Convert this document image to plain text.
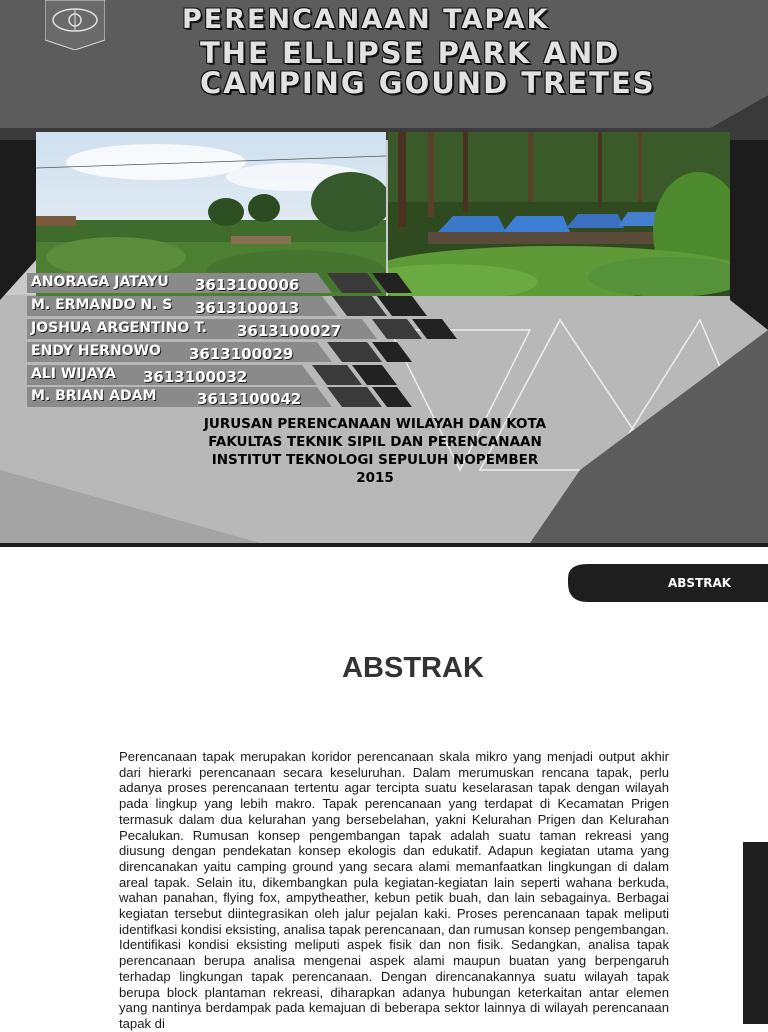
PERENCANAAN TAPAK
THE ELLIPSE PARK AND
CAMPING GOUND TRETES
ANORAGA JATAYU 3613100006
M. ERMANDO N. S 3613100013
JOSHUA ARGENTINO T. 3613100027
ENDY HERNOWO 3613100029
ALI WIJAYA 3613100032
M. BRIAN ADAM	3613100042
JURUSAN PERENCANAAN WILAYAH DAN KOTA
FAKULTAS TEKNIK SIPIL DAN PERENCANAAN
INSTITUT TEKNOLOGI SEPULUH NOPEMBER
2015
ABSTRAK
ABSTRAK

Perencanaan tapak merupakan koridor perencanaan skala mikro yang menjadi output akhir dari hierarki perencanaan secara keseluruhan. Dalam merumuskan rencana tapak, perlu adanya proses perencanaan tertentu agar tercipta suatu keselarasan tapak dengan wilayah pada lingkup yang lebih makro. Tapak perencanaan yang terdapat di Kecamatan Prigen termasuk dalam dua kelurahan yang bersebelahan, yakni Kelurahan Prigen dan Kelurahan Pecalukan. Rumusan konsep pengembangan tapak adalah suatu taman rekreasi yang diusung dengan pendekatan konsep ekologis dan edukatif. Adapun kegiatan utama yang direncanakan yaitu camping ground yang secara alami memanfaatkan lingkungan di dalam areal tapak. Selain itu, dikembangkan pula kegiatan-kegiatan lain seperti wahana berkuda, wahan panahan, flying fox, ampytheather, kebun petik buah, dan lain sebagainya. Berbagai kegiatan tersebut diintegrasikan oleh jalur pejalan kaki. Proses perencanaan tapak meliputi identifkasi kondisi eksisting, analisa tapak perencanaan, dan rumusan konsep pengembangan. Identifikasi kondisi eksisting meliputi aspek fisik dan non fisik. Sedangkan, analisa tapak perencanaan berupa analisa mengenai aspek alami maupun buatan yang berpengaruh terhadap lingkungan tapak perencanaan. Dengan direncanakannya suatu wilayah tapak berupa block plantaman rekreasi, diharapkan adanya hubungan keterkaitan antar elemen yang nantinya berdampak pada kemajuan di beberapa sektor lainnya di wilayah perencanaan tapak di
